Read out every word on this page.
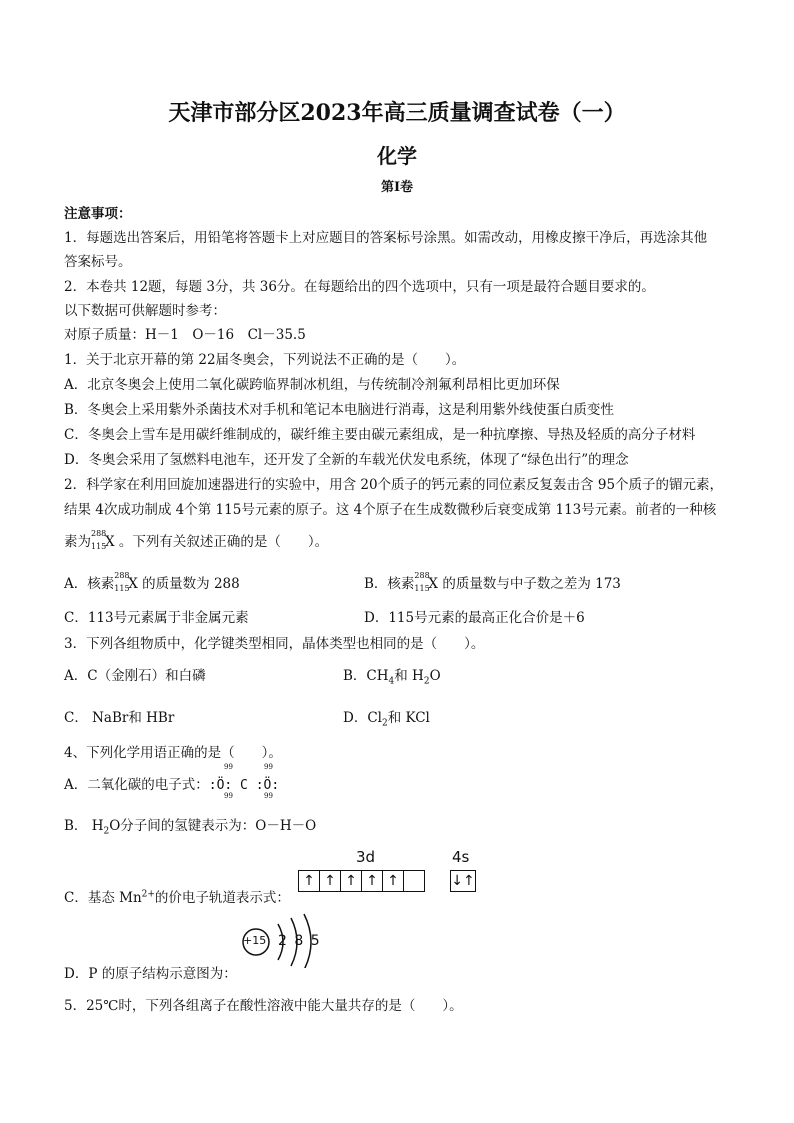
天津市部分区2023年高三质量调查试卷（一）
化学
第Ⅰ卷
注意事项：
1．每题选出答案后，用铅笔将答题卡上对应题目的答案标号涂黑。如需改动，用橡皮擦干净后，再选涂其他
答案标号。
2．本卷共 12题，每题 3分，共 36分。在每题给出的四个选项中，只有一项是最符合题目要求的。
以下数据可供解题时参考：
对原子质量：H－1　O－16　Cl－35.5
1．关于北京开幕的第 22届冬奥会，下列说法不正确的是（　　）。
A．北京冬奥会上使用二氧化碳跨临界制冰机组，与传统制冷剂氟利昂相比更加环保
B．冬奥会上采用紫外杀菌技术对手机和笔记本电脑进行消毒，这是利用紫外线使蛋白质变性
C．冬奥会上雪车是用碳纤维制成的，碳纤维主要由碳元素组成，是一种抗摩擦、导热及轻质的高分子材料
D．冬奥会采用了氢燃料电池车，还开发了全新的车载光伏发电系统，体现了“绿色出行”的理念
2．科学家在利用回旋加速器进行的实验中，用含 20个质子的钙元素的同位素反复轰击含 95个质子的镅元素，
结果 4次成功制成 4个第 115号元素的原子。这 4个原子在生成数微秒后衰变成第 113号元素。前者的一种核
素为
288
115
X 。下列有关叙述正确的是（　　）。
A．核素
288
115
X 的质量数为 288	B．核素
288
115
X 的质量数与中子数之差为 173
C．113号元素属于非金属元素	D．115号元素的最高正化合价是＋6
3．下列各组物质中，化学键类型相同，晶体类型也相同的是（　　）。
A．C（金刚石）和白磷	B．$CH_4$和 $H_2O$
C． NaBr和 HBr	D．$Cl_2$和 KCl
4、下列化学用语正确的是（　　）。
A．二氧化碳的电子式：:Ö: C :Ö:
99	99
99	99
B． $H_2O$分子间的氢键表示为：O－H－O
3d	4s
↑ ↑ ↑ ↑ ↑	↓↑
C．基态 $Mn^{2+}$的价电子轨道表示式：
+15 2 8 5
D．P 的原子结构示意图为：
5．25℃时，下列各组离子在酸性溶液中能大量共存的是（　　）。
